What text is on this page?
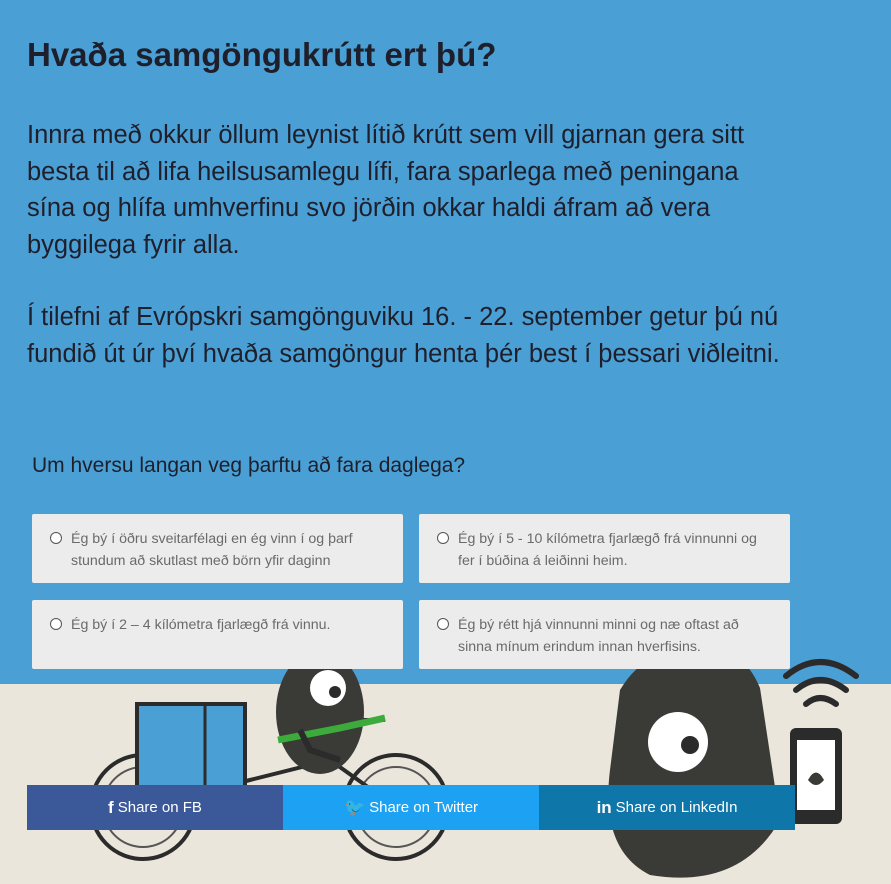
Hvaða samgöngukrútt ert þú?

Innra með okkur öllum leynist lítið krútt sem vill gjarnan gera sitt besta til að lifa heilsusamlegu lífi, fara sparlega með peningana sína og hlífa umhverfinu svo jörðin okkar haldi áfram að vera byggilega fyrir alla.

Í tilefni af Evrópskri samgönguviku 16. - 22. september getur þú nú fundið út úr því hvaða samgöngur henta þér best í þessari viðleitni.

Um hversu langan veg þarftu að fara daglega?

Ég bý í öðru sveitarfélagi en ég vinn í og þarf stundum að skutlast með börn yfir daginn
Ég bý í 5 - 10 kílómetra fjarlægð frá vinnunni og fer í búðina á leiðinni heim.
Ég bý í 2 – 4 kílómetra fjarlægð frá vinnu.	Ég bý rétt hjá vinnunni minni og næ oftast að sinna mínum erindum innan hverfisins.
f Share on FB	🐦 Share on Twitter	in Share on LinkedIn
